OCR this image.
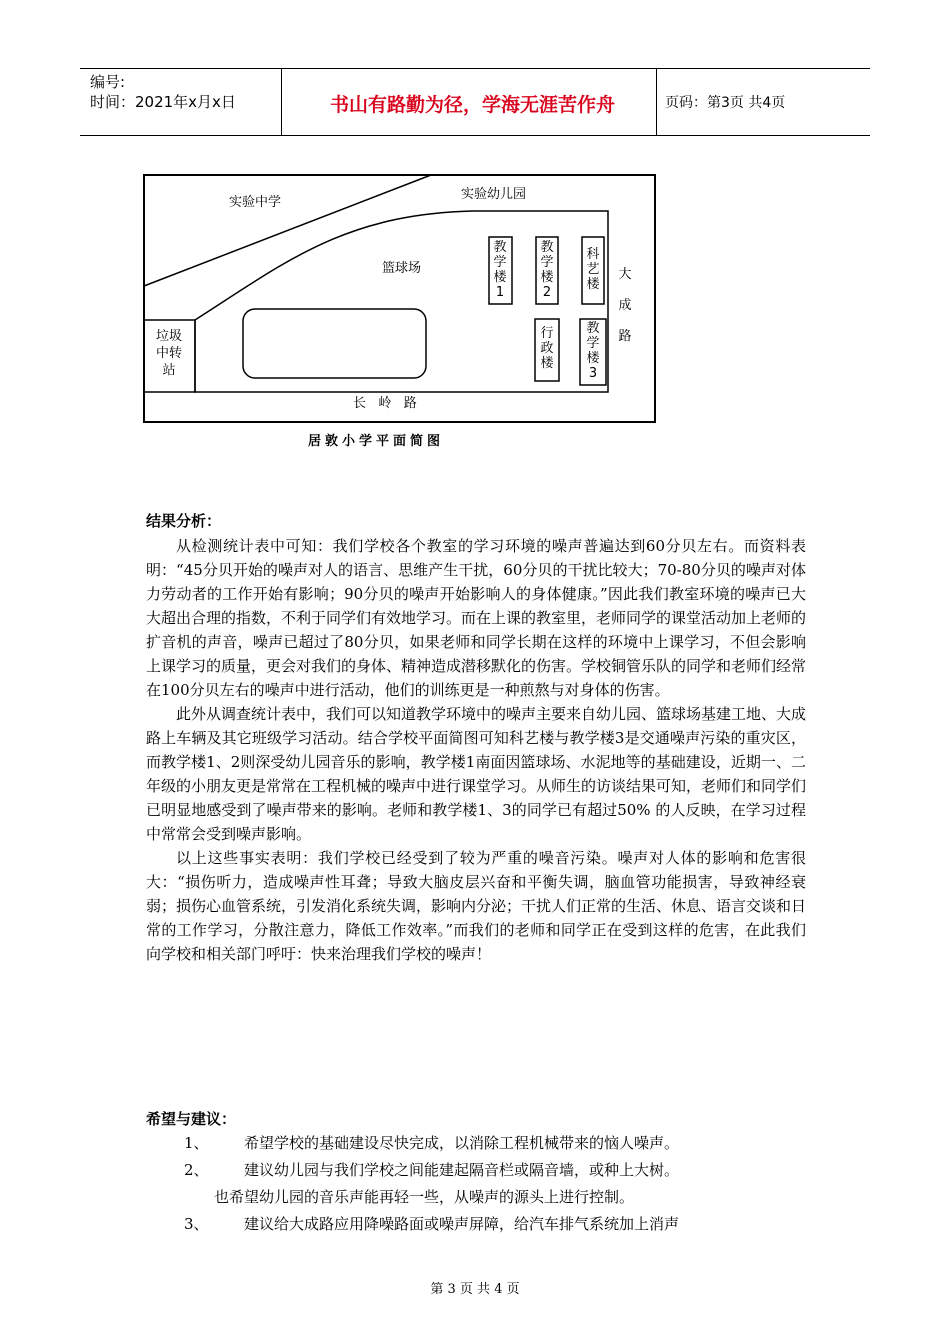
编号:
时间：2021年x月x日	书山有路勤为径，学海无涯苦作舟	页码：第3页 共4页
实验中学
实验幼儿园
篮球场
教学楼1
教学楼2
科艺楼
行政楼
教学楼3
大成路
垃圾中转站
长   岭   路
居敦小学平面简图
结果分析：

从检测统计表中可知：我们学校各个教室的学习环境的噪声普遍达到60分贝左右。而资料表明：“45分贝开始的噪声对人的语言、思维产生干扰，60分贝的干扰比较大；70-80分贝的噪声对体力劳动者的工作开始有影响；90分贝的噪声开始影响人的身体健康。”因此我们教室环境的噪声已大大超出合理的指数，不利于同学们有效地学习。而在上课的教室里，老师同学的课堂活动加上老师的扩音机的声音，噪声已超过了80分贝，如果老师和同学长期在这样的环境中上课学习，不但会影响上课学习的质量，更会对我们的身体、精神造成潜移默化的伤害。学校铜管乐队的同学和老师们经常在100分贝左右的噪声中进行活动，他们的训练更是一种煎熬与对身体的伤害。

此外从调查统计表中，我们可以知道教学环境中的噪声主要来自幼儿园、篮球场基建工地、大成路上车辆及其它班级学习活动。结合学校平面简图可知科艺楼与教学楼3是交通噪声污染的重灾区，而教学楼1、2则深受幼儿园音乐的影响，教学楼1南面因篮球场、水泥地等的基础建设，近期一、二年级的小朋友更是常常在工程机械的噪声中进行课堂学习。从师生的访谈结果可知，老师们和同学们已明显地感受到了噪声带来的影响。老师和教学楼1、3的同学已有超过50% 的人反映，在学习过程中常常会受到噪声影响。

以上这些事实表明：我们学校已经受到了较为严重的噪音污染。噪声对人体的影响和危害很大：“损伤听力，造成噪声性耳聋；导致大脑皮层兴奋和平衡失调，脑血管功能损害，导致神经衰弱；损伤心血管系统，引发消化系统失调，影响内分泌；干扰人们正常的生活、休息、语言交谈和日常的工作学习，分散注意力，降低工作效率。”而我们的老师和同学正在受到这样的危害，在此我们向学校和相关部门呼吁：快来治理我们学校的噪声！

希望与建议：
1、	希望学校的基础建设尽快完成，以消除工程机械带来的恼人噪声。
2、	建议幼儿园与我们学校之间能建起隔音栏或隔音墙，或种上大树。
也希望幼儿园的音乐声能再轻一些，从噪声的源头上进行控制。
3、	建议给大成路应用降噪路面或噪声屏障，给汽车排气系统加上消声
第 3 页 共 4 页
